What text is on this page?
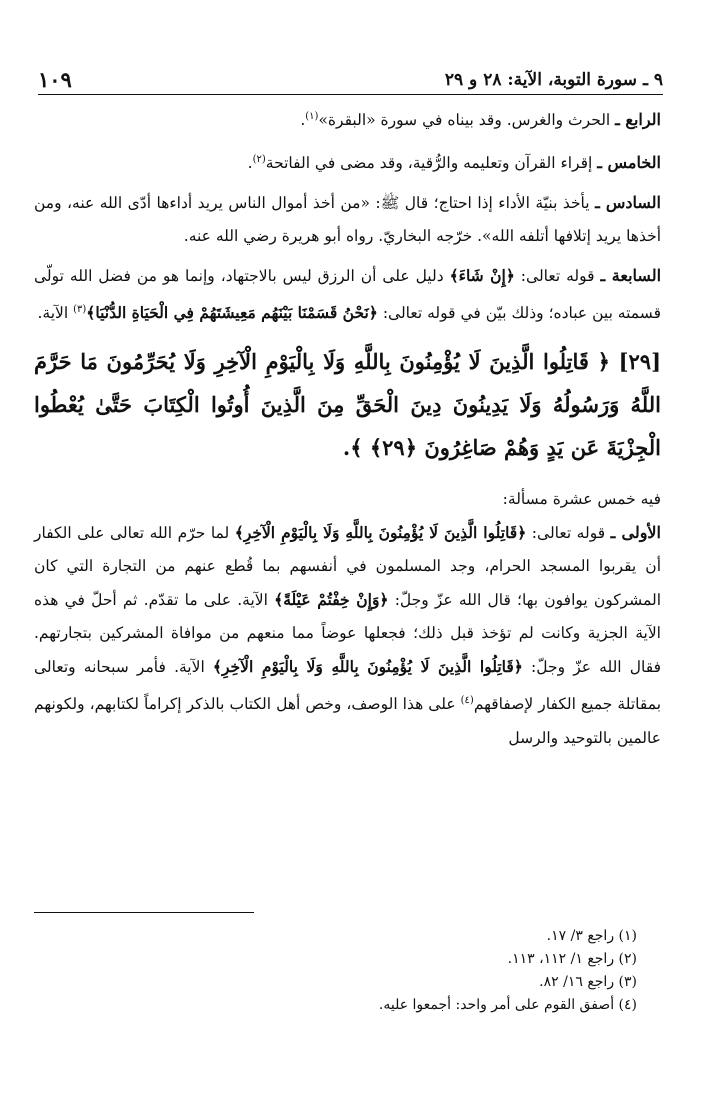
١٠٩	٩ ـ سورة التوبة، الآية: ٢٨ و ٢٩

الرابع ـ الحرث والغرس. وقد بيناه في سورة «البقرة»$^{(١)}$.

الخامس ـ إقراء القرآن وتعليمه والرُّقية، وقد مضى في الفاتحة$^{(٢)}$.

السادس ـ يأخذ بنيّة الأداء إذا احتاج؛ قال ﷺ: «من أخذ أموال الناس يريد أداءها أدّى الله عنه، ومن أخذها يريد إتلافها أتلفه الله». خرّجه البخاريّ. رواه أبو هريرة رضي الله عنه.

السابعة ـ قوله تعالى: ﴿إِنْ شَاءَ﴾ دليل على أن الرزق ليس بالاجتهاد، وإنما هو من فضل الله تولّى قسمته بين عباده؛ وذلك بيّن في قوله تعالى: ﴿نَحْنُ قَسَمْنَا بَيْنَهُم مَعِيشَتَهُمْ فِي الْحَيَاةِ الدُّنْيَا﴾$^{(٣)}$ الآية.

[٢٩] ﴿ قَاتِلُوا الَّذِينَ لَا يُؤْمِنُونَ بِاللَّهِ وَلَا بِالْيَوْمِ الْآخِرِ وَلَا يُحَرِّمُونَ مَا حَرَّمَ اللَّهُ وَرَسُولُهُ وَلَا يَدِينُونَ دِينَ الْحَقِّ مِنَ الَّذِينَ أُوتُوا الْكِتَابَ حَتَّىٰ يُعْطُوا الْجِزْيَةَ عَن يَدٍ وَهُمْ صَاغِرُونَ ﴿٢٩﴾ ﴾.

فيه خمس عشرة مسألة:

الأولى ـ قوله تعالى: ﴿قَاتِلُوا الَّذِينَ لَا يُؤْمِنُونَ بِاللَّهِ وَلَا بِالْيَوْمِ الْآخِرِ﴾ لما حرّم الله تعالى على الكفار أن يقربوا المسجد الحرام، وجد المسلمون في أنفسهم بما قُطع عنهم من التجارة التي كان المشركون يوافون بها؛ قال الله عزّ وجلّ: ﴿وَإِنْ خِفْتُمْ عَيْلَةً﴾ الآية. على ما تقدّم. ثم أحلّ في هذه الآية الجزية وكانت لم تؤخذ قبل ذلك؛ فجعلها عوضاً مما منعهم من موافاة المشركين بتجارتهم. فقال الله عزّ وجلّ: ﴿قَاتِلُوا الَّذِينَ لَا يُؤْمِنُونَ بِاللَّهِ وَلَا بِالْيَوْمِ الْآخِرِ﴾ الآية. فأمر سبحانه وتعالى بمقاتلة جميع الكفار لإصفاقهم$^{(٤)}$ على هذا الوصف، وخص أهل الكتاب بالذكر إكراماً لكتابهم، ولكونهم عالمين بالتوحيد والرسل

(١) راجع ٣/ ١٧.
(٢) راجع ١/ ١١٢، ١١٣.
(٣) راجع ١٦/ ٨٢.
(٤) أصفق القوم على أمر واحد: أجمعوا عليه.
